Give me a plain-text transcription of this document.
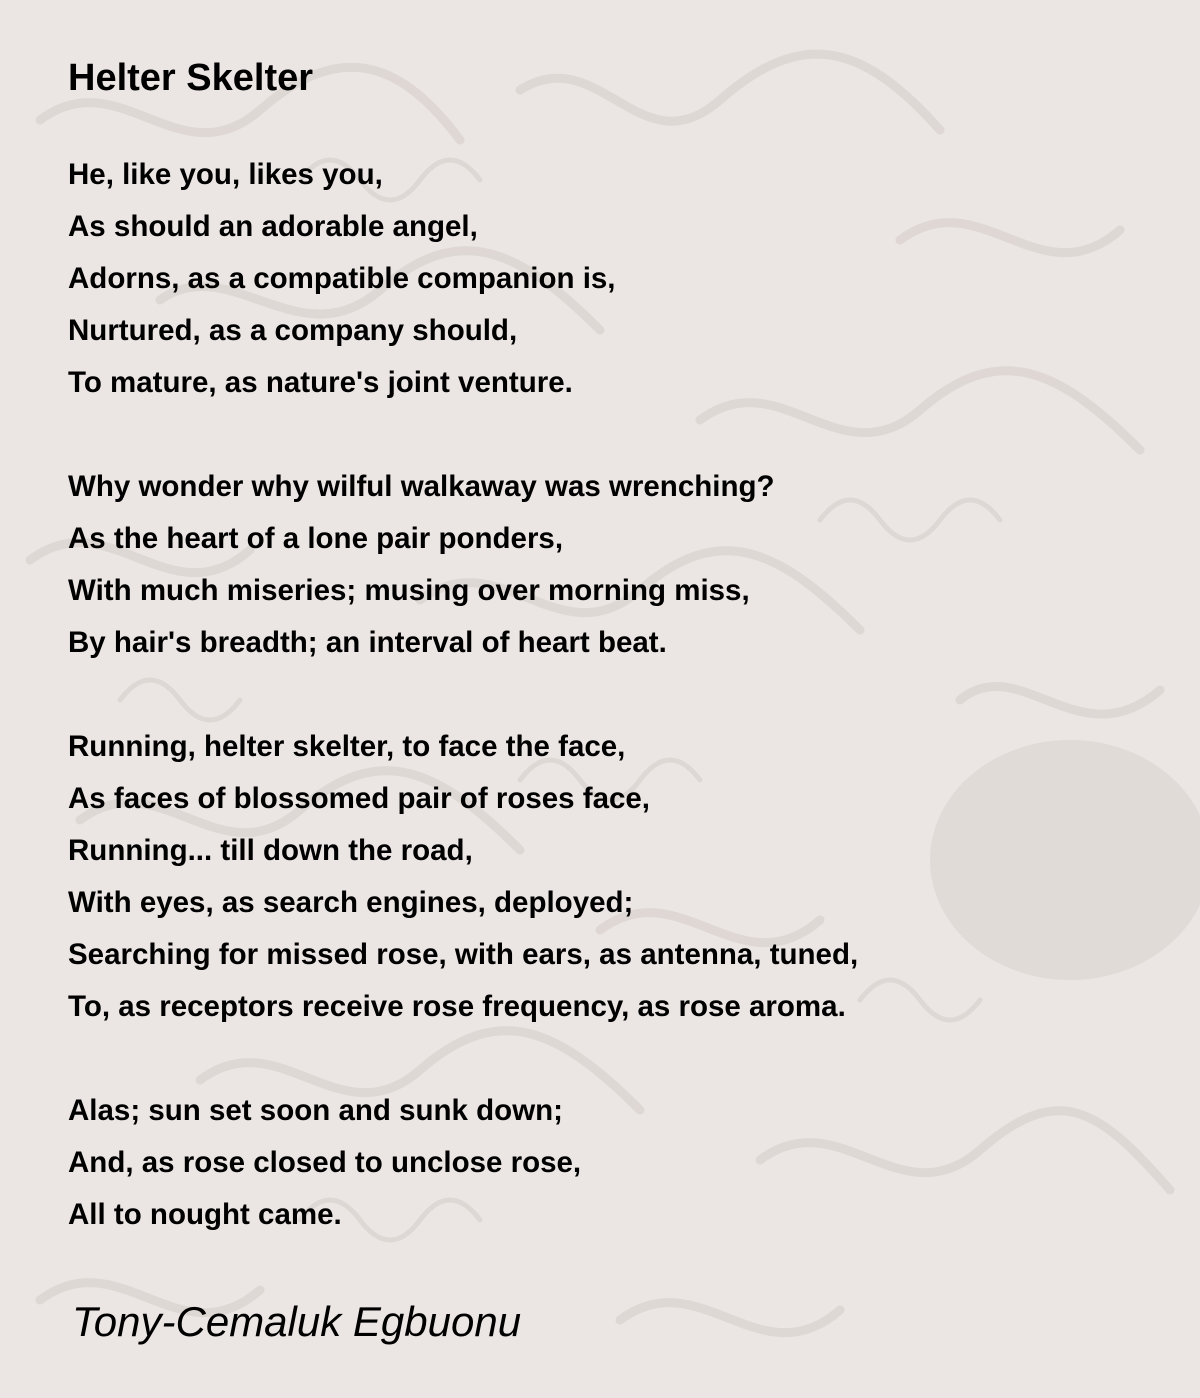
Helter Skelter

He, like you, likes you,
As should an adorable angel,
Adorns, as a compatible companion is,
Nurtured, as a company should,
To mature, as nature's joint venture.

Why wonder why wilful walkaway was wrenching?
As the heart of a lone pair ponders,
With much miseries; musing over morning miss,
By hair's breadth; an interval of heart beat.

Running, helter skelter, to face the face,
As faces of blossomed pair of roses face,
Running... till down the road,
With eyes, as search engines, deployed;
Searching for missed rose, with ears, as antenna, tuned,
To, as receptors receive rose frequency, as rose aroma.

Alas; sun set soon and sunk down;
And, as rose closed to unclose rose,
All to nought came.

Tony-Cemaluk Egbuonu
